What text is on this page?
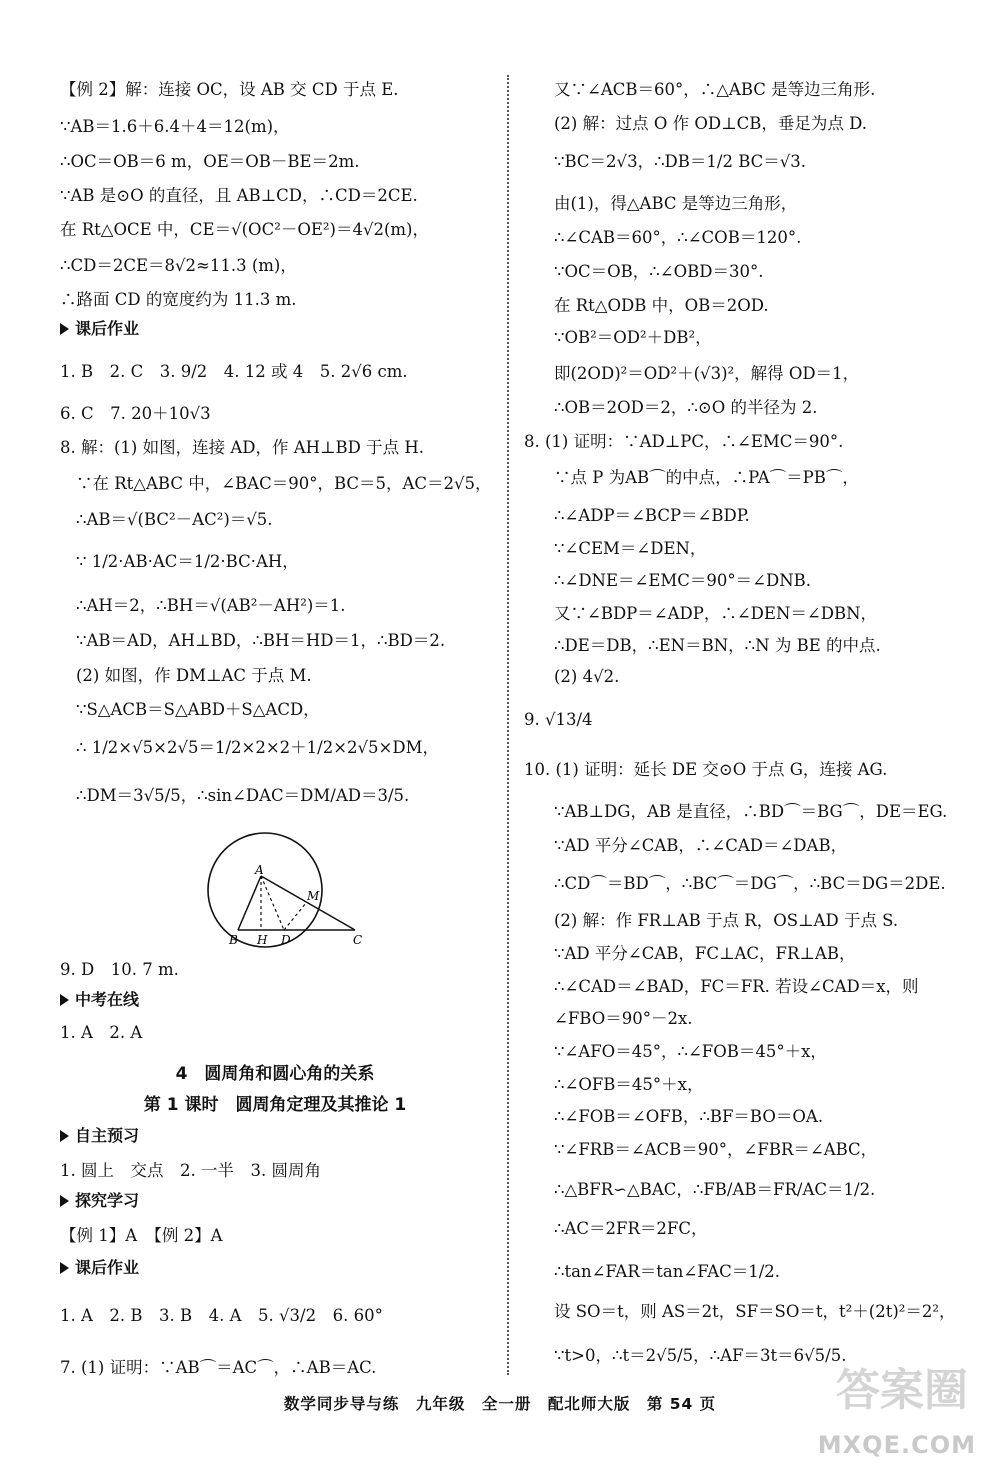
【例 2】解：连接 OC，设 AB 交 CD 于点 E.
∵AB＝1.6＋6.4＋4＝12(m)，
∴OC＝OB＝6 m，OE＝OB－BE＝2m.
∵AB 是⊙O 的直径，且 AB⊥CD，∴CD＝2CE.
在 Rt△OCE 中，CE＝√(OC²－OE²)＝4√2(m)，
∴CD＝2CE＝8√2≈11.3 (m)，
∴路面 CD 的宽度约为 11.3 m.
课后作业
1. B　2. C　3. 9/2　4. 12 或 4　5. 2√6 cm.
6. C　7. 20＋10√3
8. 解：(1) 如图，连接 AD，作 AH⊥BD 于点 H.
∵在 Rt△ABC 中，∠BAC＝90°，BC＝5，AC＝2√5，
∴AB＝√(BC²－AC²)＝√5.
∵ 1/2·AB·AC＝1/2·BC·AH，
∴AH＝2，∴BH＝√(AB²－AH²)＝1.
∵AB＝AD，AH⊥BD，∴BH＝HD＝1，∴BD＝2.
(2) 如图，作 DM⊥AC 于点 M.
∵S△ACB＝S△ABD＋S△ACD，
∴ 1/2×√5×2√5＝1/2×2×2＋1/2×2√5×DM，
∴DM＝3√5/5，∴sin∠DAC＝DM/AD＝3/5.
A
M
B H D	C
9. D　10. 7 m.
中考在线
1. A　2. A
4　圆周角和圆心角的关系
第 1 课时　圆周角定理及其推论 1
自主预习
1. 圆上　交点　2. 一半　3. 圆周角
探究学习
【例 1】A　【例 2】A
课后作业
1. A　2. B　3. B　4. A　5. √3/2　6. 60°
7. (1) 证明：∵AB⌒＝AC⌒，∴AB＝AC.
又∵∠ACB＝60°，∴△ABC 是等边三角形.
(2) 解：过点 O 作 OD⊥CB，垂足为点 D.
∵BC＝2√3，∴DB＝1/2 BC＝√3.
由(1)，得△ABC 是等边三角形，
∴∠CAB＝60°，∴∠COB＝120°.
∵OC＝OB，∴∠OBD＝30°.
在 Rt△ODB 中，OB＝2OD.
∵OB²＝OD²＋DB²，
即(2OD)²＝OD²＋(√3)²，解得 OD＝1，
∴OB＝2OD＝2，∴⊙O 的半径为 2.
8. (1) 证明：∵AD⊥PC，∴∠EMC＝90°.
∵点 P 为AB⌒的中点，∴PA⌒＝PB⌒，
∴∠ADP＝∠BCP＝∠BDP.
∵∠CEM＝∠DEN，
∴∠DNE＝∠EMC＝90°＝∠DNB.
又∵∠BDP＝∠ADP，∴∠DEN＝∠DBN，
∴DE＝DB，∴EN＝BN，∴N 为 BE 的中点.
(2) 4√2.
9. √13/4
10. (1) 证明：延长 DE 交⊙O 于点 G，连接 AG.
∵AB⊥DG，AB 是直径，∴BD⌒＝BG⌒，DE＝EG.
∵AD 平分∠CAB，∴∠CAD＝∠DAB，
∴CD⌒＝BD⌒，∴BC⌒＝DG⌒，∴BC＝DG＝2DE.
(2) 解：作 FR⊥AB 于点 R，OS⊥AD 于点 S.
∵AD 平分∠CAB，FC⊥AC，FR⊥AB，
∴∠CAD＝∠BAD，FC＝FR. 若设∠CAD＝x，则
∠FBO＝90°－2x.
∵∠AFO＝45°，∴∠FOB＝45°＋x，
∴∠OFB＝45°＋x，
∴∠FOB＝∠OFB，∴BF＝BO＝OA.
∵∠FRB＝∠ACB＝90°，∠FBR＝∠ABC，
∴△BFR∽△BAC，∴FB/AB＝FR/AC＝1/2.
∴AC＝2FR＝2FC，
∴tan∠FAR＝tan∠FAC＝1/2.
设 SO＝t，则 AS＝2t，SF＝SO＝t，t²＋(2t)²＝2²，
∵t>0，∴t＝2√5/5，∴AF＝3t＝6√5/5.
数学同步导与练　九年级　全一册　配北师大版　第 54 页	答案圈
MXQE.COM
